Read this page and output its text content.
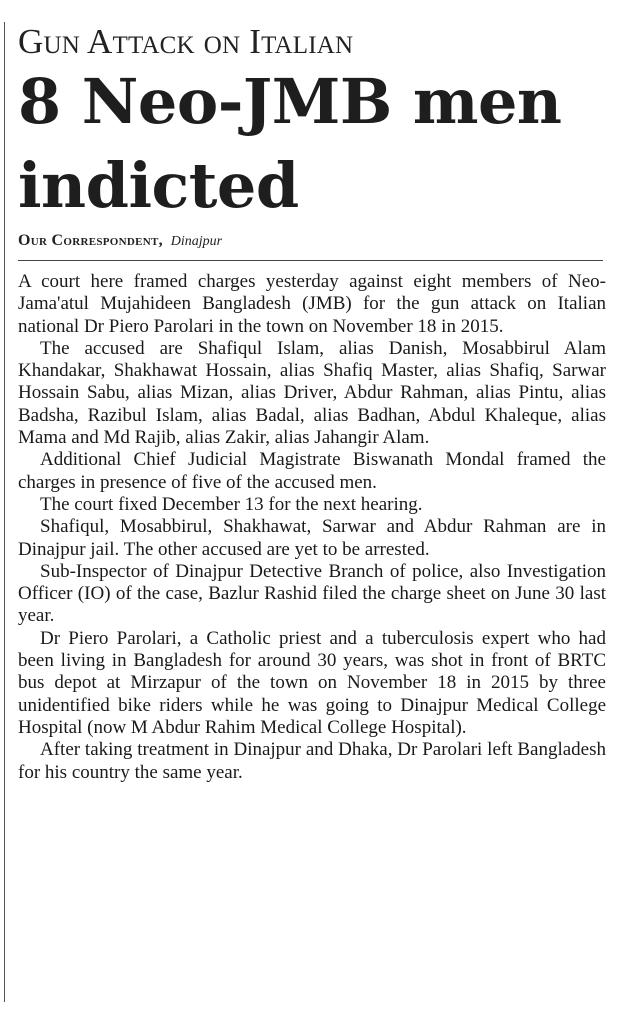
Gun Attack on Italian
8 Neo-JMB men indicted
Our Correspondent, Dinajpur

A court here framed charges yesterday against eight members of Neo-Jama'atul Mujahideen Bangladesh (JMB) for the gun attack on Italian national Dr Piero Parolari in the town on November 18 in 2015.

The accused are Shafiqul Islam, alias Danish, Mosabbirul Alam Khandakar, Shakhawat Hossain, alias Shafiq Master, alias Shafiq, Sarwar Hossain Sabu, alias Mizan, alias Driver, Abdur Rahman, alias Pintu, alias Badsha, Razibul Islam, alias Badal, alias Badhan, Abdul Khaleque, alias Mama and Md Rajib, alias Zakir, alias Jahangir Alam.

Additional Chief Judicial Magistrate Biswanath Mondal framed the charges in presence of five of the accused men.

The court fixed December 13 for the next hearing.

Shafiqul, Mosabbirul, Shakhawat, Sarwar and Abdur Rahman are in Dinajpur jail. The other accused are yet to be arrested.

Sub-Inspector of Dinajpur Detective Branch of police, also Investigation Officer (IO) of the case, Bazlur Rashid filed the charge sheet on June 30 last year.

Dr Piero Parolari, a Catholic priest and a tuberculosis expert who had been living in Bangladesh for around 30 years, was shot in front of BRTC bus depot at Mirzapur of the town on November 18 in 2015 by three unidentified bike riders while he was going to Dinajpur Medical College Hospital (now M Abdur Rahim Medical College Hospital).

After taking treatment in Dinajpur and Dhaka, Dr Parolari left Bangladesh for his country the same year.
